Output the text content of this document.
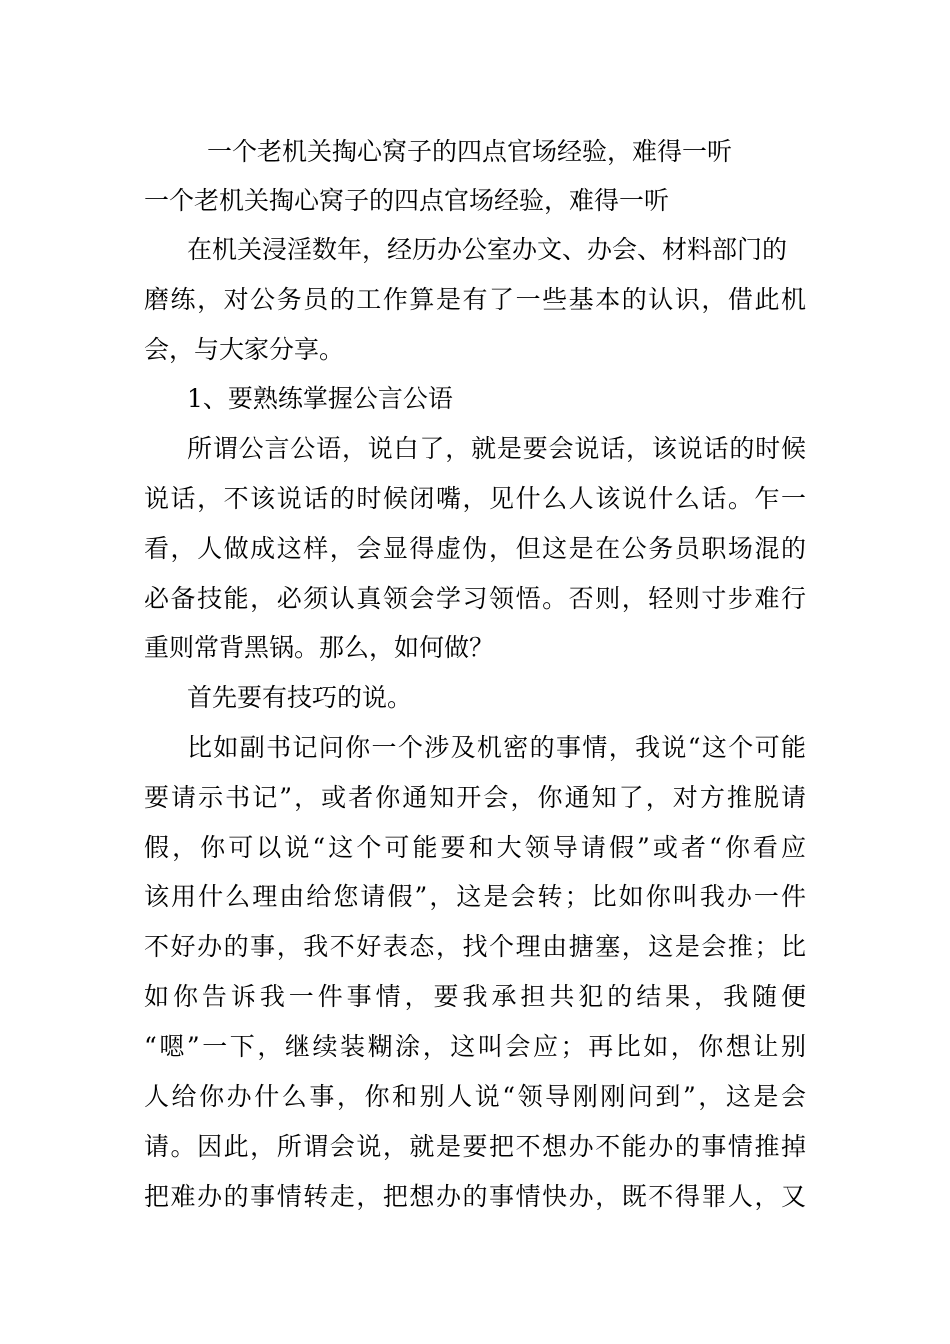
一个老机关掏心窝子的四点官场经验，难得一听

一个老机关掏心窝子的四点官场经验，难得一听

在机关浸淫数年，经历办公室办文、办会、材料部门的

磨练，对公务员的工作算是有了一些基本的认识，借此机

会，与大家分享。

1、要熟练掌握公言公语

所谓公言公语，说白了，就是要会说话，该说话的时候

说话，不该说话的时候闭嘴，见什么人该说什么话。乍一

看，人做成这样，会显得虚伪，但这是在公务员职场混的

必备技能，必须认真领会学习领悟。否则，轻则寸步难行

重则常背黑锅。那么，如何做？

首先要有技巧的说。

比如副书记问你一个涉及机密的事情，我说“这个可能

要请示书记”，或者你通知开会，你通知了，对方推脱请

假，你可以说“这个可能要和大领导请假”或者“你看应

该用什么理由给您请假”，这是会转；比如你叫我办一件

不好办的事，我不好表态，找个理由搪塞，这是会推；比

如你告诉我一件事情，要我承担共犯的结果，我随便

“嗯”一下，继续装糊涂，这叫会应；再比如，你想让别

人给你办什么事，你和别人说“领导刚刚问到”，这是会

请。因此，所谓会说，就是要把不想办不能办的事情推掉

把难办的事情转走，把想办的事情快办，既不得罪人，又
